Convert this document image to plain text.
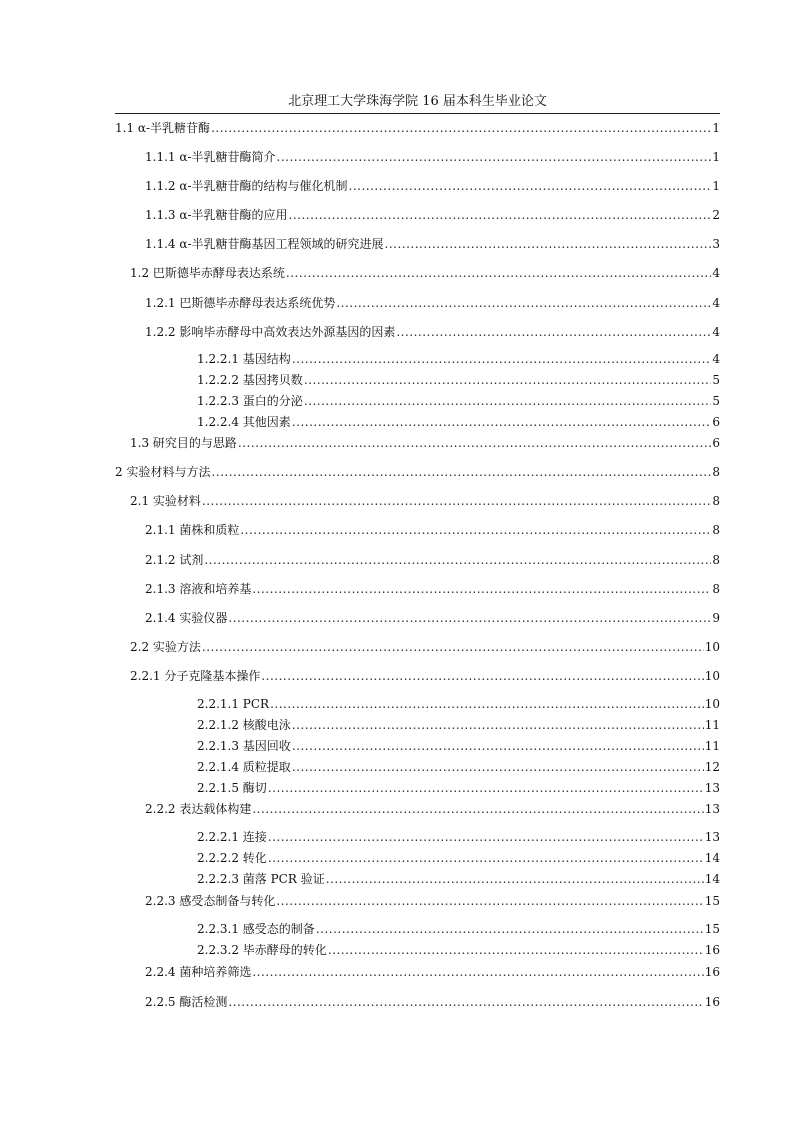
北京理工大学珠海学院 16 届本科生毕业论文
1.1 α-半乳糖苷酶 .....	1
1.1.1 α-半乳糖苷酶简介 .....	1
1.1.2 α-半乳糖苷酶的结构与催化机制 .....	1
1.1.3 α-半乳糖苷酶的应用 .....	2
1.1.4 α-半乳糖苷酶基因工程领域的研究进展 .....	3
1.2 巴斯德毕赤酵母表达系统 .....	4
1.2.1 巴斯德毕赤酵母表达系统优势 .....	4
1.2.2 影响毕赤酵母中高效表达外源基因的因素 .....	4
1.2.2.1 基因结构 .....	4
1.2.2.2 基因拷贝数 .....	5
1.2.2.3 蛋白的分泌 .....	5
1.2.2.4 其他因素 .....	6
1.3 研究目的与思路 .....	6
2 实验材料与方法 .....	8
2.1 实验材料 .....	8
2.1.1 菌株和质粒 .....	8
2.1.2 试剂 .....	8
2.1.3 溶液和培养基 .....	8
2.1.4 实验仪器 .....	9
2.2 实验方法 .....	10
2.2.1 分子克隆基本操作 .....	10
2.2.1.1 PCR .....	10
2.2.1.2 核酸电泳 .....	11
2.2.1.3 基因回收 .....	11
2.2.1.4 质粒提取 .....	12
2.2.1.5 酶切 .....	13
2.2.2 表达载体构建 .....	13
2.2.2.1 连接 .....	13
2.2.2.2 转化 .....	14
2.2.2.3 菌落 PCR 验证 .....	14
2.2.3 感受态制备与转化 .....	15
2.2.3.1 感受态的制备 .....	15
2.2.3.2 毕赤酵母的转化 .....	16
2.2.4 菌种培养筛选 .....	16
2.2.5 酶活检测 .....	16
